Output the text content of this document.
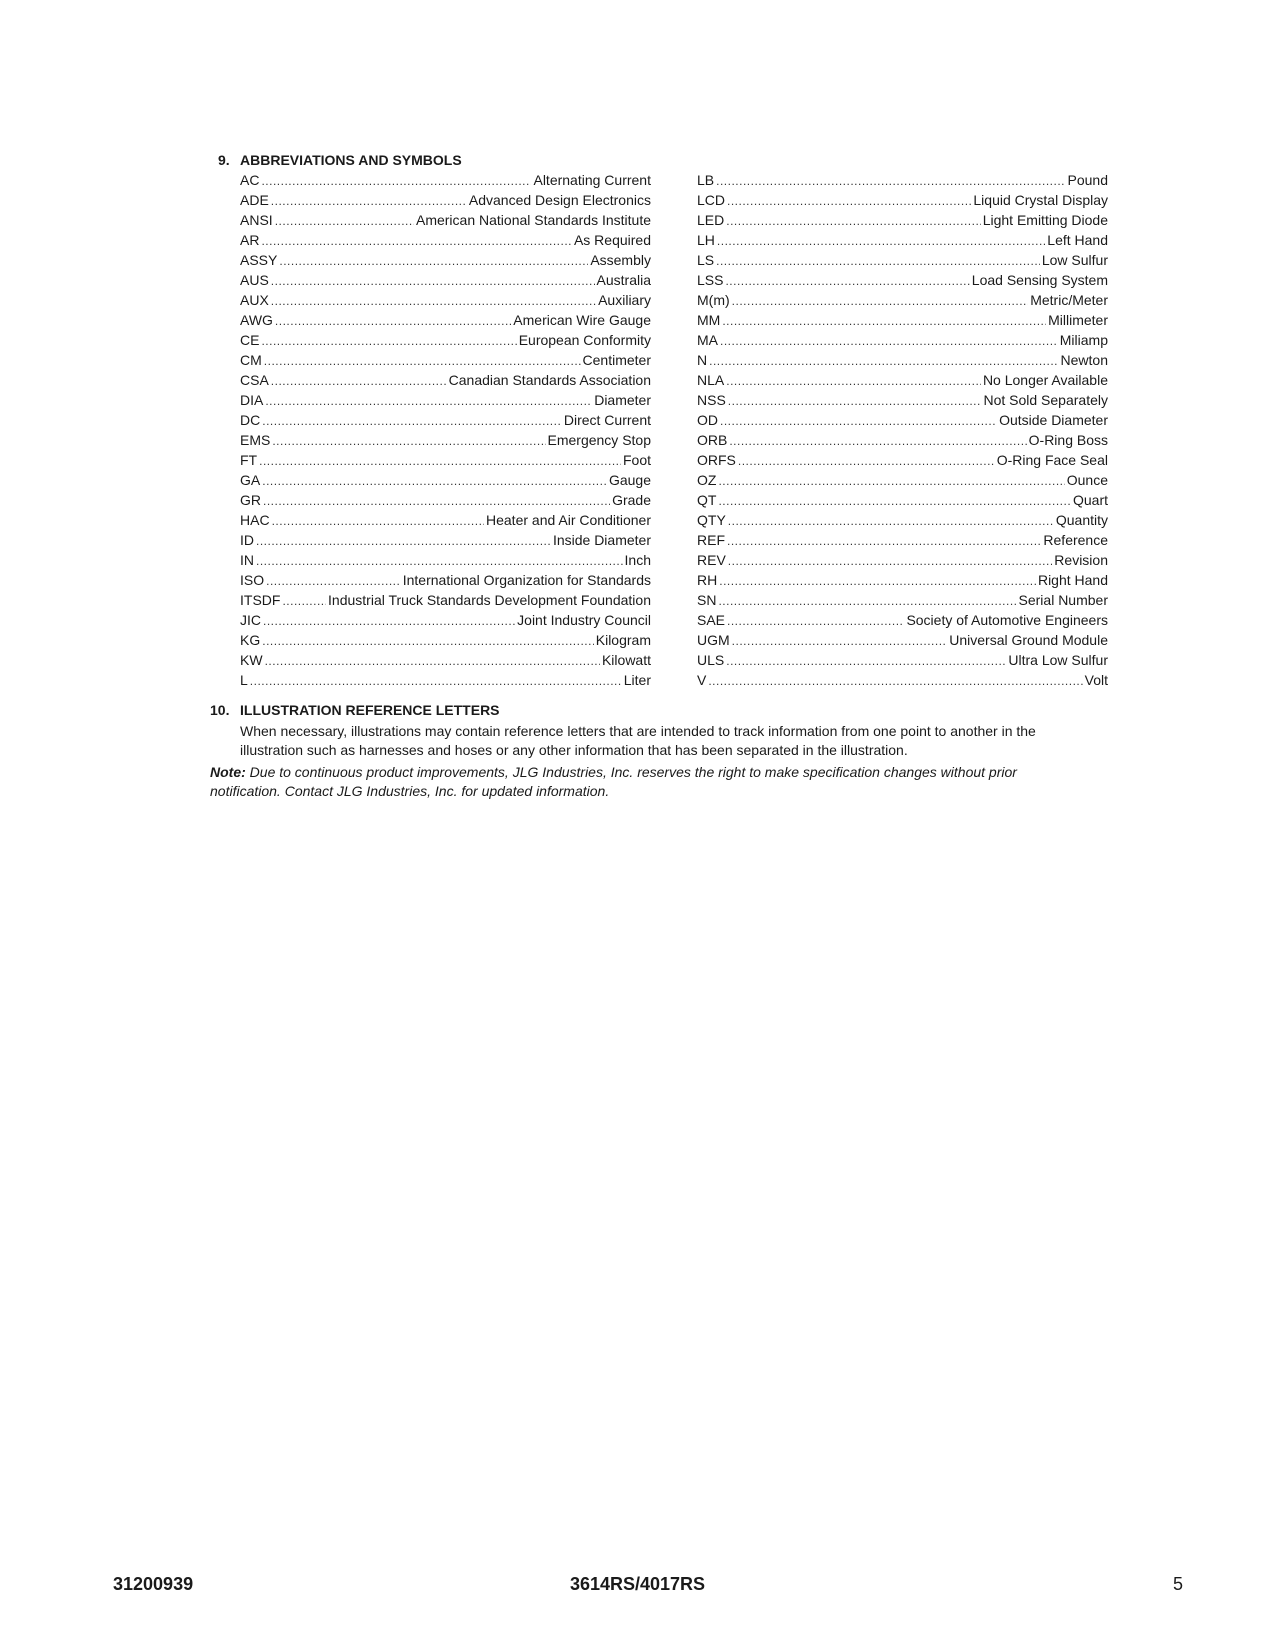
9. ABBREVIATIONS AND SYMBOLS
AC .....	Alternating Current
ADE .....	Advanced Design Electronics
ANSI .....	American National Standards Institute
AR .....	As Required
ASSY .....	Assembly
AUS .....	Australia
AUX .....	Auxiliary
AWG .....	American Wire Gauge
CE .....	European Conformity
CM .....	Centimeter
CSA .....	Canadian Standards Association
DIA .....	Diameter
DC .....	Direct Current
EMS .....	Emergency Stop
FT .....	Foot
GA .....	Gauge
GR .....	Grade
HAC .....	Heater and Air Conditioner
ID .....	Inside Diameter
IN .....	Inch
ISO .....	International Organization for Standards
ITSDF .....	Industrial Truck Standards Development Foundation
JIC .....	Joint Industry Council
KG .....	Kilogram
KW .....	Kilowatt
L .....	Liter
LB .....	Pound
LCD .....	Liquid Crystal Display
LED .....	Light Emitting Diode
LH .....	Left Hand
LS .....	Low Sulfur
LSS .....	Load Sensing System
M(m) .....	Metric/Meter
MM .....	Millimeter
MA .....	Miliamp
N .....	Newton
NLA .....	No Longer Available
NSS .....	Not Sold Separately
OD .....	Outside Diameter
ORB .....	O-Ring Boss
ORFS .....	O-Ring Face Seal
OZ .....	Ounce
QT .....	Quart
QTY .....	Quantity
REF .....	Reference
REV .....	Revision
RH .....	Right Hand
SN .....	Serial Number
SAE .....	Society of Automotive Engineers
UGM .....	Universal Ground Module
ULS .....	Ultra Low Sulfur
V .....	Volt
10. ILLUSTRATION REFERENCE LETTERS

When necessary, illustrations may contain reference letters that are intended to track information from one point to another in the illustration such as harnesses and hoses or any other information that has been separated in the illustration.

Note: Due to continuous product improvements, JLG Industries, Inc. reserves the right to make specification changes without prior notification. Contact JLG Industries, Inc. for updated information.
31200939	3614RS/4017RS	5
